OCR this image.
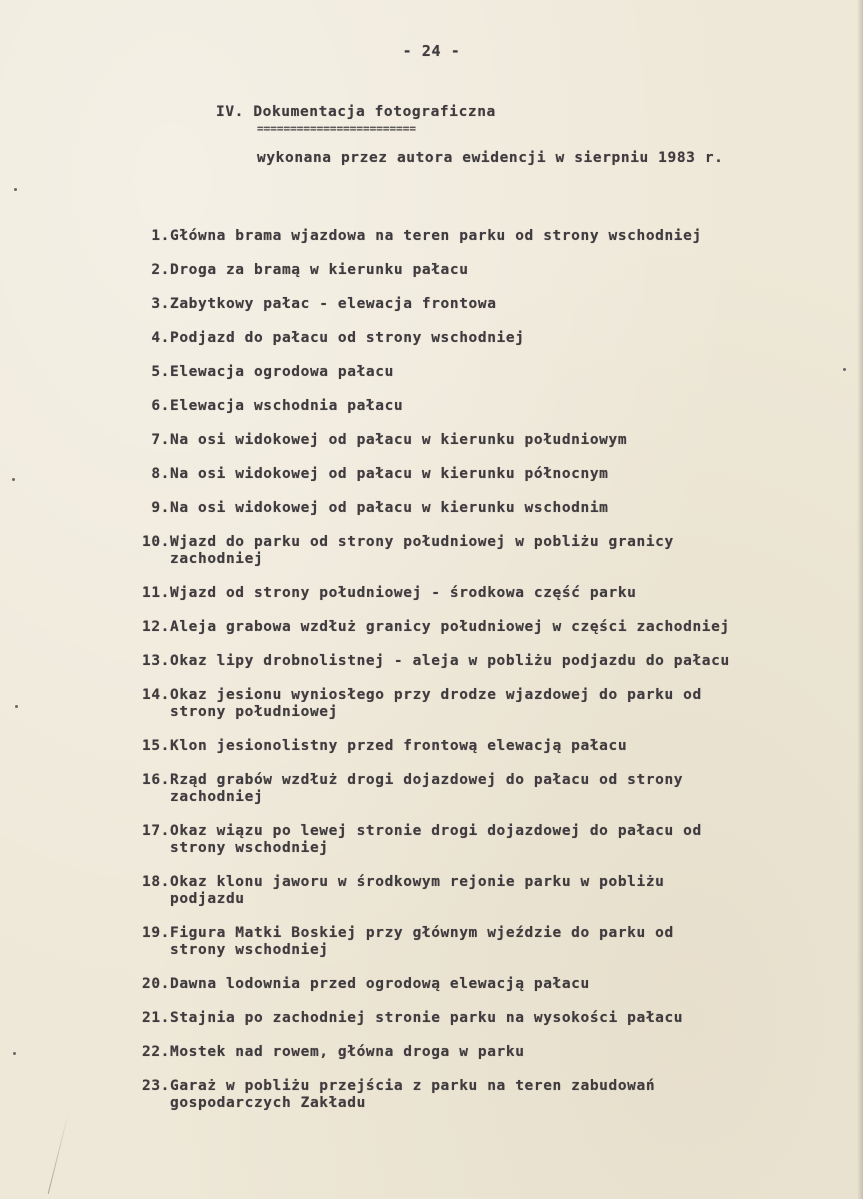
- 24 -
IV. Dokumentacja fotograficzna
========================
wykonana przez autora ewidencji w sierpniu 1983 r.
1. Główna brama wjazdowa na teren parku od strony wschodniej
2. Droga za bramą w kierunku pałacu
3. Zabytkowy pałac - elewacja frontowa
4. Podjazd do pałacu od strony wschodniej
5. Elewacja ogrodowa pałacu
6. Elewacja wschodnia pałacu
7. Na osi widokowej od pałacu w kierunku południowym
8. Na osi widokowej od pałacu w kierunku północnym
9. Na osi widokowej od pałacu w kierunku wschodnim
10. Wjazd do parku od strony południowej w pobliżu granicy
zachodniej
11. Wjazd od strony południowej - środkowa część parku
12. Aleja grabowa wzdłuż granicy południowej w części zachodniej
13. Okaz lipy drobnolistnej - aleja w pobliżu podjazdu do pałacu
14. Okaz jesionu wyniosłego przy drodze wjazdowej do parku od
strony południowej
15. Klon jesionolistny przed frontową elewacją pałacu
16. Rząd grabów wzdłuż drogi dojazdowej do pałacu od strony
zachodniej
17. Okaz wiązu po lewej stronie drogi dojazdowej do pałacu od
strony wschodniej
18. Okaz klonu jaworu w środkowym rejonie parku w pobliżu
podjazdu
19. Figura Matki Boskiej przy głównym wjeździe do parku od
strony wschodniej
20. Dawna lodownia przed ogrodową elewacją pałacu
21. Stajnia po zachodniej stronie parku na wysokości pałacu
22. Mostek nad rowem, główna droga w parku
23. Garaż w pobliżu przejścia z parku na teren zabudowań
gospodarczych Zakładu
